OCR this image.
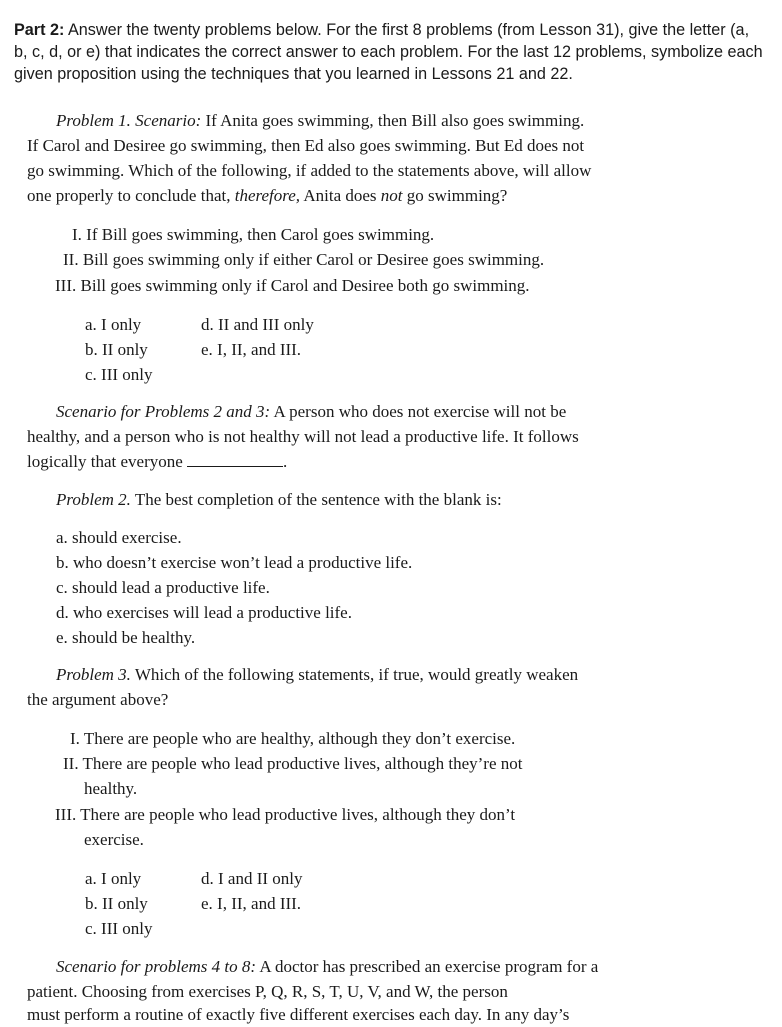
Part 2: Answer the twenty problems below. For the first 8 problems (from Lesson 31), give the letter (a, b, c, d, or e) that indicates the correct answer to each problem. For the last 12 problems, symbolize each given proposition using the techniques that you learned in Lessons 21 and 22.

Problem 1. Scenario: If Anita goes swimming, then Bill also goes swimming. If Carol and Desiree go swimming, then Ed also goes swimming. But Ed does not go swimming. Which of the following, if added to the statements above, will allow one properly to conclude that, therefore, Anita does not go swimming?

I. If Bill goes swimming, then Carol goes swimming.
II. Bill goes swimming only if either Carol or Desiree goes swimming.
III. Bill goes swimming only if Carol and Desiree both go swimming.
a. I only
b. II only
c. III only
d. II and III only
e. I, II, and III.

Scenario for Problems 2 and 3: A person who does not exercise will not be healthy, and a person who is not healthy will not lead a productive life. It follows logically that everyone	.

Problem 2. The best completion of the sentence with the blank is:
a. should exercise.
b. who doesn’t exercise won’t lead a productive life.
c. should lead a productive life.
d. who exercises will lead a productive life.
e. should be healthy.

Problem 3. Which of the following statements, if true, would greatly weaken the argument above?

I. There are people who are healthy, although they don’t exercise.
II. There are people who lead productive lives, although they’re not
healthy.
III. There are people who lead productive lives, although they don’t
exercise.
a. I only
b. II only
c. III only
d. I and II only
e. I, II, and III.

Scenario for problems 4 to 8: A doctor has prescribed an exercise program for a patient. Choosing from exercises P, Q, R, S, T, U, V, and W, the person

must perform a routine of exactly five different exercises each day. In any day’s
